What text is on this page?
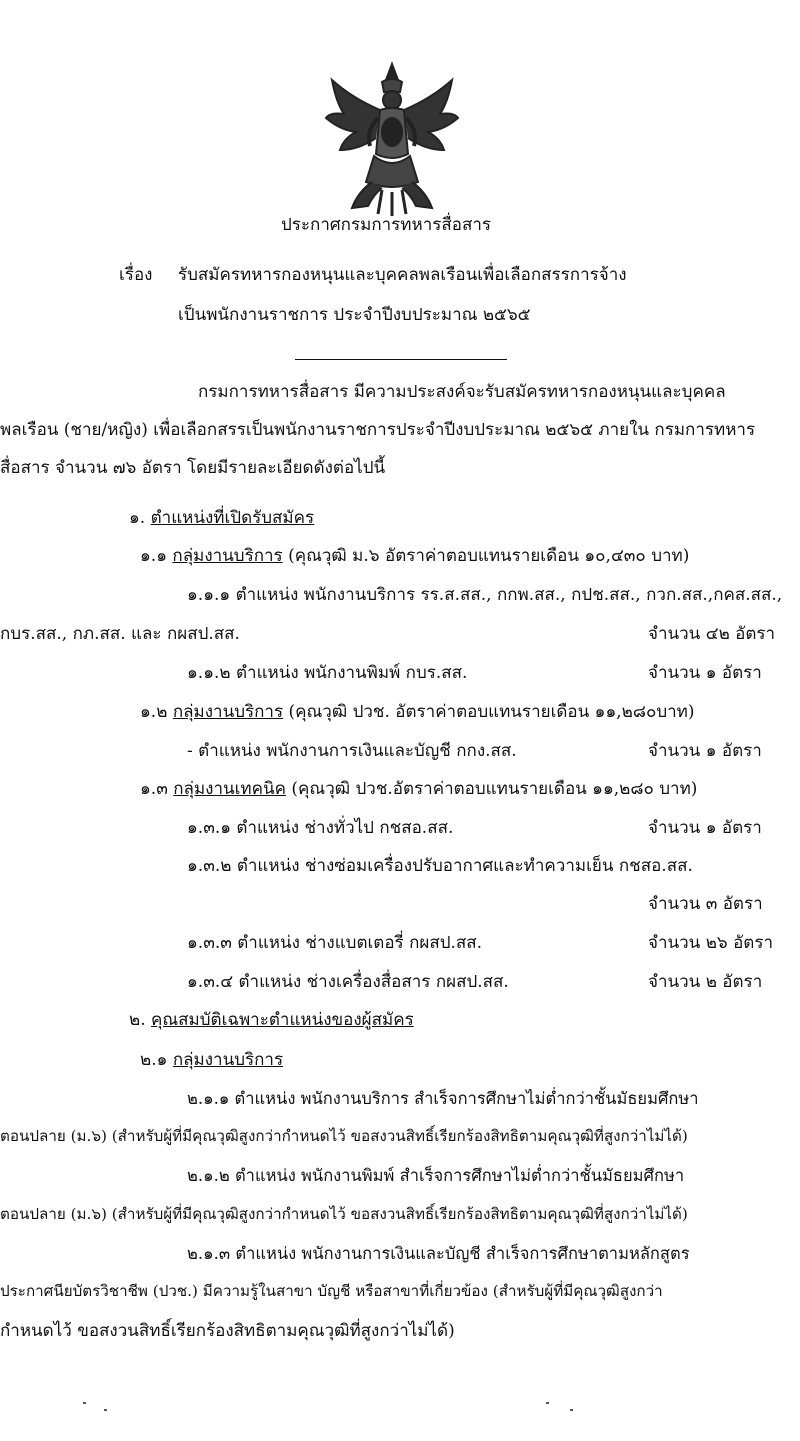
ประกาศกรมการทหารสื่อสาร
เรื่อง รับสมัครทหารกองหนุนและบุคคลพลเรือนเพื่อเลือกสรรการจ้าง
เป็นพนักงานราชการ ประจำปีงบประมาณ ๒๕๖๕
กรมการทหารสื่อสาร มีความประสงค์จะรับสมัครทหารกองหนุนและบุคคล
พลเรือน (ชาย/หญิง) เพื่อเลือกสรรเป็นพนักงานราชการประจำปีงบประมาณ ๒๕๖๕ ภายใน กรมการทหาร
สื่อสาร จำนวน ๗๖ อัตรา โดยมีรายละเอียดดังต่อไปนี้
๑. ตำแหน่งที่เปิดรับสมัคร
๑.๑ กลุ่มงานบริการ (คุณวุฒิ ม.๖ อัตราค่าตอบแทนรายเดือน ๑๐,๔๓๐ บาท)
๑.๑.๑ ตำแหน่ง พนักงานบริการ รร.ส.สส., กกพ.สส., กปช.สส., กวก.สส.,กคส.สส.,
กบร.สส., กภ.สส. และ กผสป.สส.	จำนวน ๔๒ อัตรา
๑.๑.๒ ตำแหน่ง พนักงานพิมพ์ กบร.สส.	จำนวน ๑ อัตรา
๑.๒ กลุ่มงานบริการ (คุณวุฒิ ปวช. อัตราค่าตอบแทนรายเดือน ๑๑,๒๘๐บาท)
- ตำแหน่ง พนักงานการเงินและบัญชี กกง.สส.	จำนวน ๑ อัตรา
๑.๓ กลุ่มงานเทคนิค (คุณวุฒิ ปวช.อัตราค่าตอบแทนรายเดือน ๑๑,๒๘๐ บาท)
๑.๓.๑ ตำแหน่ง ช่างทั่วไป กชสอ.สส.	จำนวน ๑ อัตรา
๑.๓.๒ ตำแหน่ง ช่างซ่อมเครื่องปรับอากาศและทำความเย็น กชสอ.สส.
จำนวน ๓ อัตรา
๑.๓.๓ ตำแหน่ง ช่างแบตเตอรี่ กผสป.สส.	จำนวน ๒๖ อัตรา
๑.๓.๔ ตำแหน่ง ช่างเครื่องสื่อสาร กผสป.สส.	จำนวน ๒ อัตรา
๒. คุณสมบัติเฉพาะตำแหน่งของผู้สมัคร
๒.๑ กลุ่มงานบริการ
๒.๑.๑ ตำแหน่ง พนักงานบริการ สำเร็จการศึกษาไม่ต่ำกว่าชั้นมัธยมศึกษา
ตอนปลาย (ม.๖) (สำหรับผู้ที่มีคุณวุฒิสูงกว่ากำหนดไว้ ขอสงวนสิทธิ์เรียกร้องสิทธิตามคุณวุฒิที่สูงกว่าไม่ได้)
๒.๑.๒ ตำแหน่ง พนักงานพิมพ์ สำเร็จการศึกษาไม่ต่ำกว่าชั้นมัธยมศึกษา
ตอนปลาย (ม.๖) (สำหรับผู้ที่มีคุณวุฒิสูงกว่ากำหนดไว้ ขอสงวนสิทธิ์เรียกร้องสิทธิตามคุณวุฒิที่สูงกว่าไม่ได้)
๒.๑.๓ ตำแหน่ง พนักงานการเงินและบัญชี สำเร็จการศึกษาตามหลักสูตร
ประกาศนียบัตรวิชาชีพ (ปวช.) มีความรู้ในสาขา บัญชี หรือสาขาที่เกี่ยวข้อง (สำหรับผู้ที่มีคุณวุฒิสูงกว่า
กำหนดไว้ ขอสงวนสิทธิ์เรียกร้องสิทธิตามคุณวุฒิที่สูงกว่าไม่ได้)
